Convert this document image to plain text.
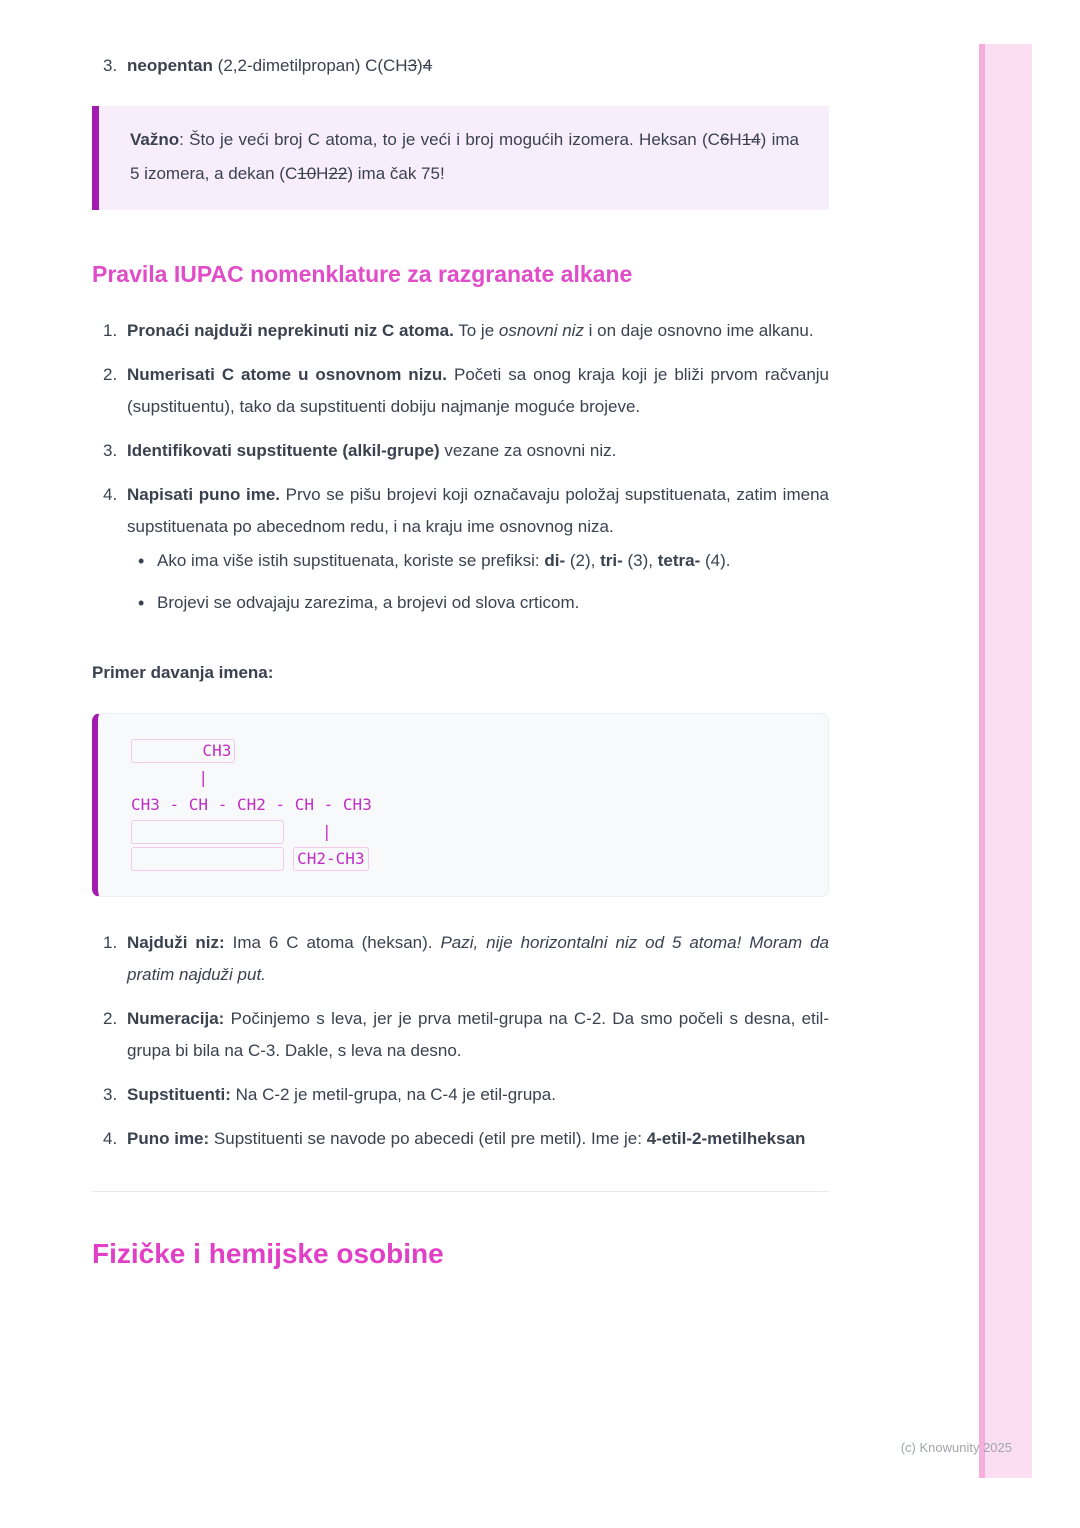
3. neopentan (2,2-dimetilpropan) C(CH3)4

Važno: Što je veći broj C atoma, to je veći i broj mogućih izomera. Heksan (C6H14) ima 5 izomera, a dekan (C10H22) ima čak 75!

Pravila IUPAC nomenklature za razgranate alkane
1. Pronaći najduži neprekinuti niz C atoma. To je osnovni niz i on daje osnovno ime alkanu.

2. Numerisati C atome u osnovnom nizu. Početi sa onog kraja koji je bliži prvom račvanju (supstituentu), tako da supstituenti dobiju najmanje moguće brojeve.

3. Identifikovati supstituente (alkil-grupe) vezane za osnovni niz.

4. Napisati puno ime. Prvo se pišu brojevi koji označavaju položaj supstituenata, zatim imena supstituenata po abecednom redu, i na kraju ime osnovnog niza.

• Ako ima više istih supstituenata, koriste se prefiksi: di- (2), tri- (3), tetra- (4).

• Brojevi se odvajaju zarezima, a brojevi od slova crticom.

Primer davanja imena:

CH3
|
CH3 - CH - CH2 - CH - CH3
|
CH2-CH3
1. Najduži niz: Ima 6 C atoma (heksan). Pazi, nije horizontalni niz od 5 atoma! Moram da pratim najduži put.

2. Numeracija: Počinjemo s leva, jer je prva metil-grupa na C-2. Da smo počeli s desna, etil-grupa bi bila na C-3. Dakle, s leva na desno.

3. Supstituenti: Na C-2 je metil-grupa, na C-4 je etil-grupa.

4. Puno ime: Supstituenti se navode po abecedi (etil pre metil). Ime je: 4-etil-2-metilheksan

Fizičke i hemijske osobine
(c) Knowunity 2025
